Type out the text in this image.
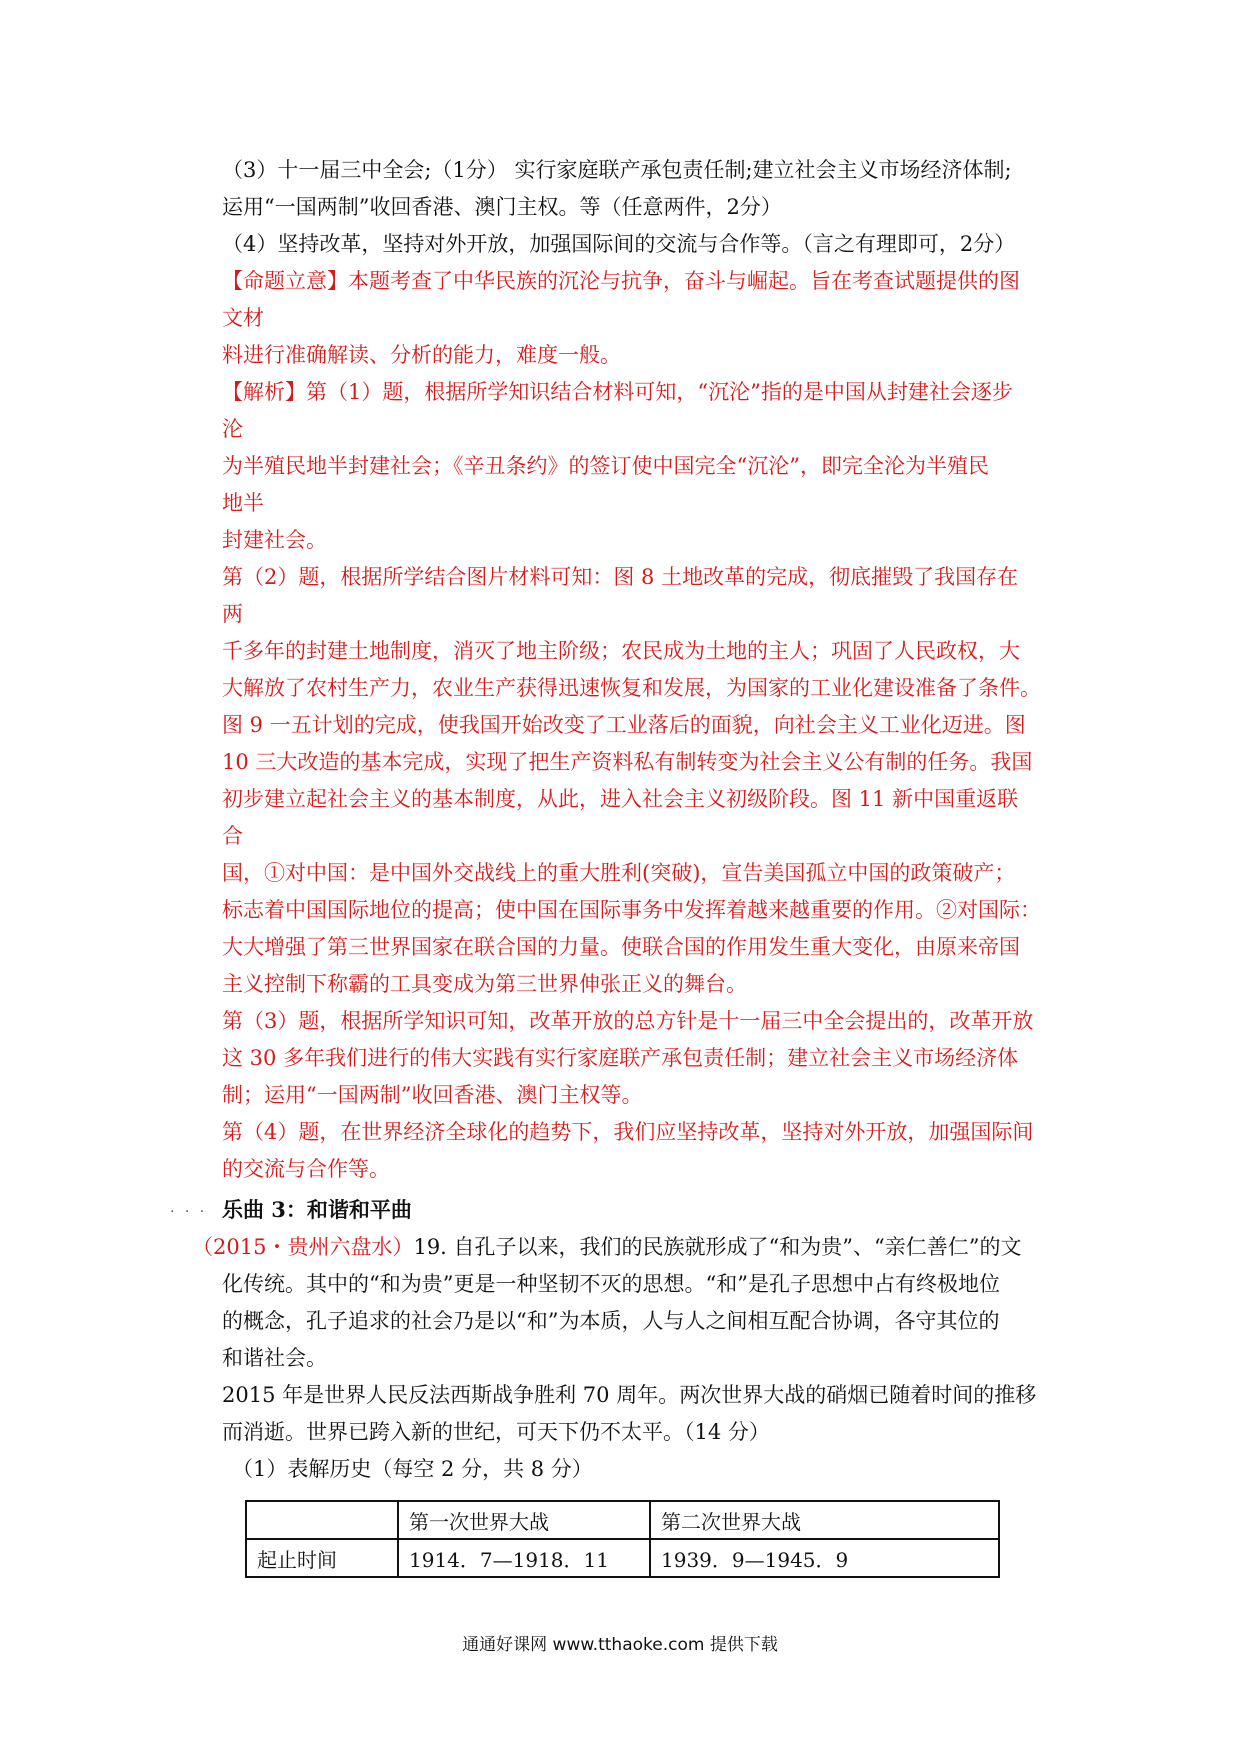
（3）十一届三中全会;（1分） 实行家庭联产承包责任制;建立社会主义市场经济体制;
运用“一国两制”收回香港、澳门主权。等（任意两件，2分）
（4）坚持改革，坚持对外开放，加强国际间的交流与合作等。（言之有理即可，2分）
【命题立意】本题考查了中华民族的沉沦与抗争，奋斗与崛起。旨在考查试题提供的图
文材
料进行准确解读、分析的能力，难度一般。
【解析】第（1）题，根据所学知识结合材料可知，“沉沦”指的是中国从封建社会逐步
沦
为半殖民地半封建社会；《辛丑条约》的签订使中国完全“沉沦”，即完全沦为半殖民
地半
封建社会。
第（2）题，根据所学结合图片材料可知：图 8 土地改革的完成，彻底摧毁了我国存在
两
千多年的封建土地制度，消灭了地主阶级；农民成为土地的主人；巩固了人民政权，大
大解放了农村生产力，农业生产获得迅速恢复和发展，为国家的工业化建设准备了条件。
图 9 一五计划的完成，使我国开始改变了工业落后的面貌，向社会主义工业化迈进。图
10 三大改造的基本完成，实现了把生产资料私有制转变为社会主义公有制的任务。我国
初步建立起社会主义的基本制度，从此，进入社会主义初级阶段。图 11 新中国重返联
合
国，①对中国：是中国外交战线上的重大胜利(突破)，宣告美国孤立中国的政策破产；
标志着中国国际地位的提高；使中国在国际事务中发挥着越来越重要的作用。②对国际：
大大增强了第三世界国家在联合国的力量。使联合国的作用发生重大变化，由原来帝国
主义控制下称霸的工具变成为第三世界伸张正义的舞台。
第（3）题，根据所学知识可知，改革开放的总方针是十一届三中全会提出的，改革开放
这 30 多年我们进行的伟大实践有实行家庭联产承包责任制；建立社会主义市场经济体
制；运用“一国两制”收回香港、澳门主权等。
第（4）题，在世界经济全球化的趋势下，我们应坚持改革，坚持对外开放，加强国际间
的交流与合作等。
. . . 乐曲 3：和谐和平曲
（2015・贵州六盘水）19. 自孔子以来，我们的民族就形成了“和为贵”、“亲仁善仁”的文
化传统。其中的“和为贵”更是一种坚韧不灭的思想。“和”是孔子思想中占有终极地位
的概念，孔子追求的社会乃是以“和”为本质，人与人之间相互配合协调，各守其位的
和谐社会。
2015 年是世界人民反法西斯战争胜利 70 周年。两次世界大战的硝烟已随着时间的推移
而消逝。世界已跨入新的世纪，可天下仍不太平。（14 分）
（1）表解历史（每空 2 分，共 8 分）
	第一次世界大战	第二次世界大战
起止时间	1914．7—1918．11	1939．9—1945．9
通通好课网 www.tthaoke.com 提供下载
